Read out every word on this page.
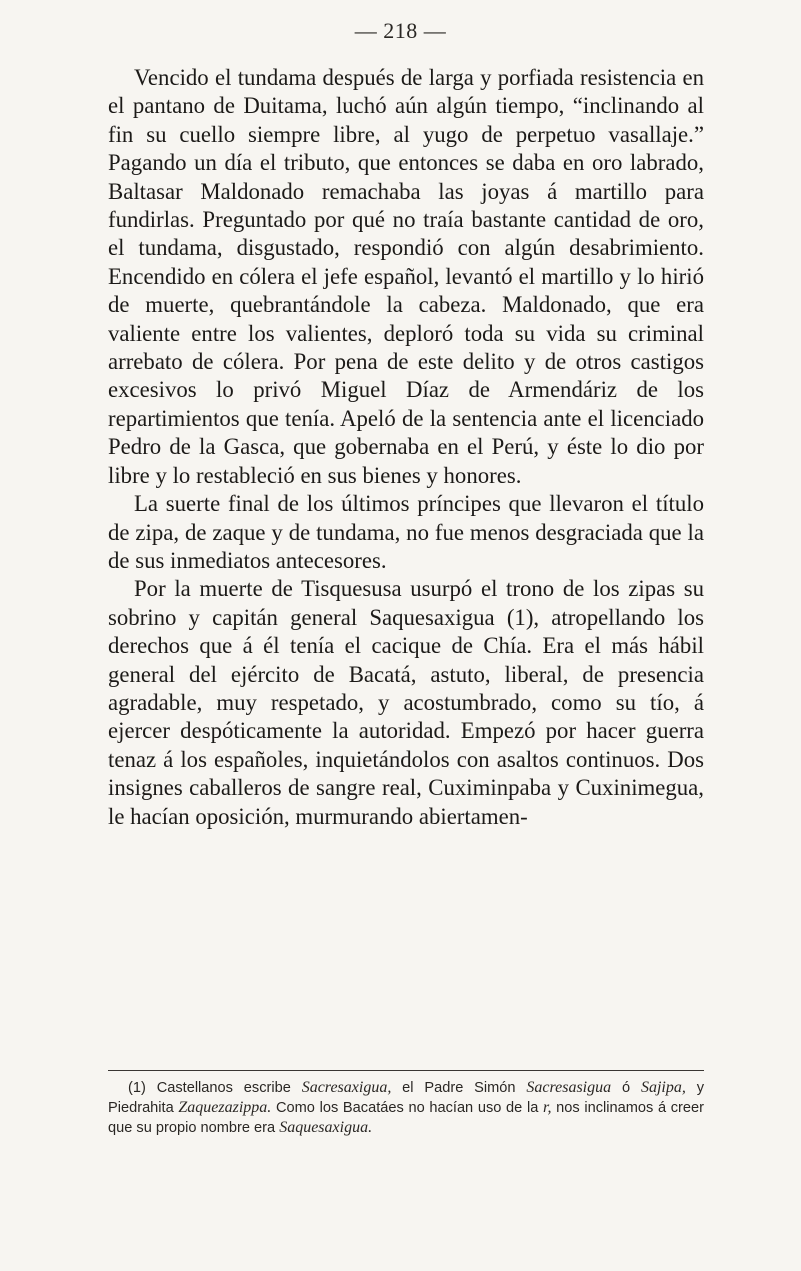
— 218 —

Vencido el tundama después de larga y porfiada resistencia en el pantano de Duitama, luchó aún algún tiempo, “inclinando al fin su cuello siempre libre, al yugo de perpetuo vasallaje.” Pagando un día el tributo, que entonces se daba en oro labrado, Baltasar Maldonado remachaba las joyas á martillo para fundirlas. Preguntado por qué no traía bastante cantidad de oro, el tundama, disgustado, respondió con algún desabrimiento. Encendido en cólera el jefe español, levantó el martillo y lo hirió de muerte, quebrantándole la cabeza. Maldonado, que era valiente entre los valientes, deploró toda su vida su criminal arrebato de cólera. Por pena de este delito y de otros castigos excesivos lo privó Miguel Díaz de Armendáriz de los repartimientos que tenía. Apeló de la sentencia ante el licenciado Pedro de la Gasca, que gobernaba en el Perú, y éste lo dio por libre y lo restableció en sus bienes y honores.

La suerte final de los últimos príncipes que llevaron el título de zipa, de zaque y de tundama, no fue menos desgraciada que la de sus inmediatos antecesores.

Por la muerte de Tisquesusa usurpó el trono de los zipas su sobrino y capitán general Saquesaxigua (1), atropellando los derechos que á él tenía el cacique de Chía. Era el más hábil general del ejército de Bacatá, astuto, liberal, de presencia agradable, muy respetado, y acostumbrado, como su tío, á ejercer despóticamente la autoridad. Empezó por hacer guerra tenaz á los españoles, inquietándolos con asaltos continuos. Dos insignes caballeros de sangre real, Cuximinpaba y Cuxinimegua, le hacían oposición, murmurando abiertamen-

(1) Castellanos escribe Sacresaxigua, el Padre Simón Sacresasigua ó Sajipa, y Piedrahita Zaquezazippa. Como los Bacatáes no hacían uso de la r, nos inclinamos á creer que su propio nombre era Saquesaxigua.
